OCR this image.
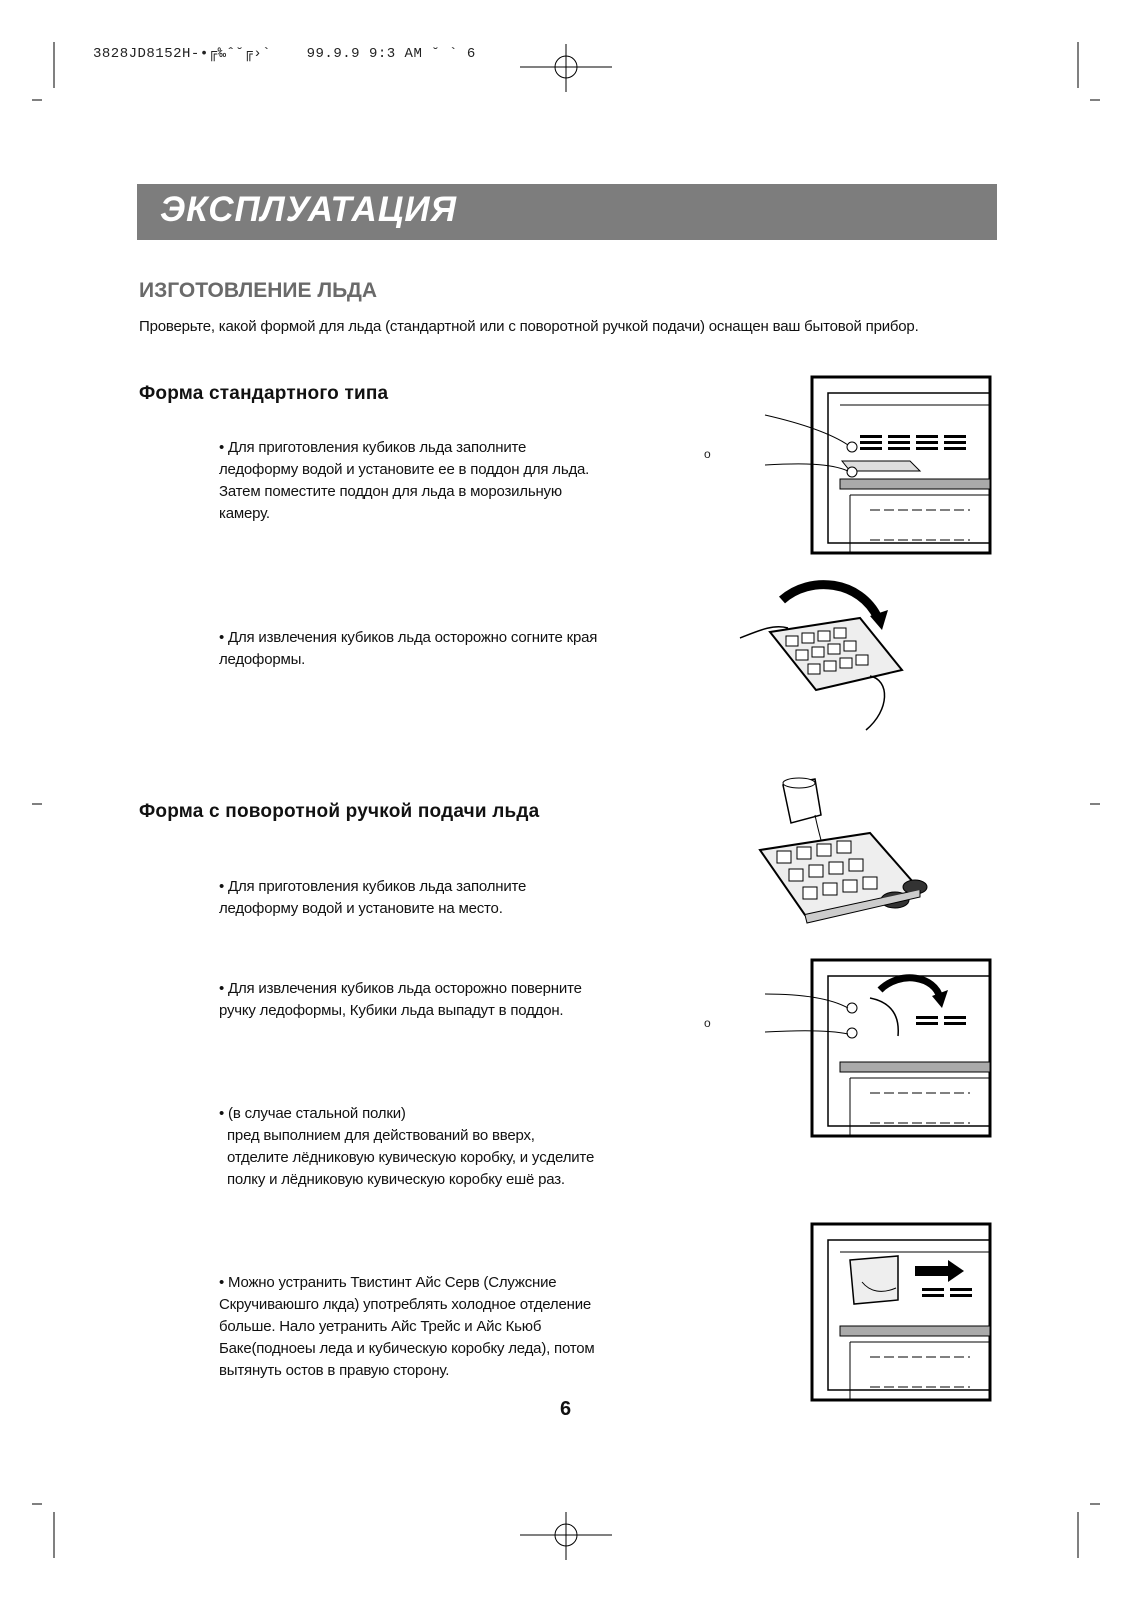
3828JD8152H-•╔‰ˆ˘╔›`    99.9.9 9:3 AM ˘ ` 6
ЭКСПЛУАТАЦИЯ
ИЗГОТОВЛЕНИЕ ЛЬДА
Проверьте, какой формой для льда (стандартной или с поворотной ручкой подачи) оснащен ваш бытовой прибор.
Форма стандартного типа

• Для приготовления кубиков льда заполните ледоформу водой и установите ее в поддон для льда. Затем поместите поддон для льда в морозильную камеру.

• Для извлечения кубиков льда осторожно согните края ледоформы.

Форма с поворотной ручкой подачи льда

• Для приготовления кубиков льда заполните ледоформу водой и установите на место.

• Для извлечения кубиков льда осторожно поверните ручку ледоформы, Кубики льда выпадут в поддон.

• (в случае стальной полки)

пред выполнием для действований во вверх, отделите лёдниковую кувическую коробку, и уcделите полку и лёдниковую кувическую коробку ешё раз.

• Можно устранить Твистинт Айс Серв (Служсние Скручиваюшго лкда) употреблять холодное отделение больше. Нало уетранить Айс Трейс и Айс Кьюб Баке(подноеы леда и кубическую коробку леда), потом вытянуть остов в правую сторону.

o
o
6
